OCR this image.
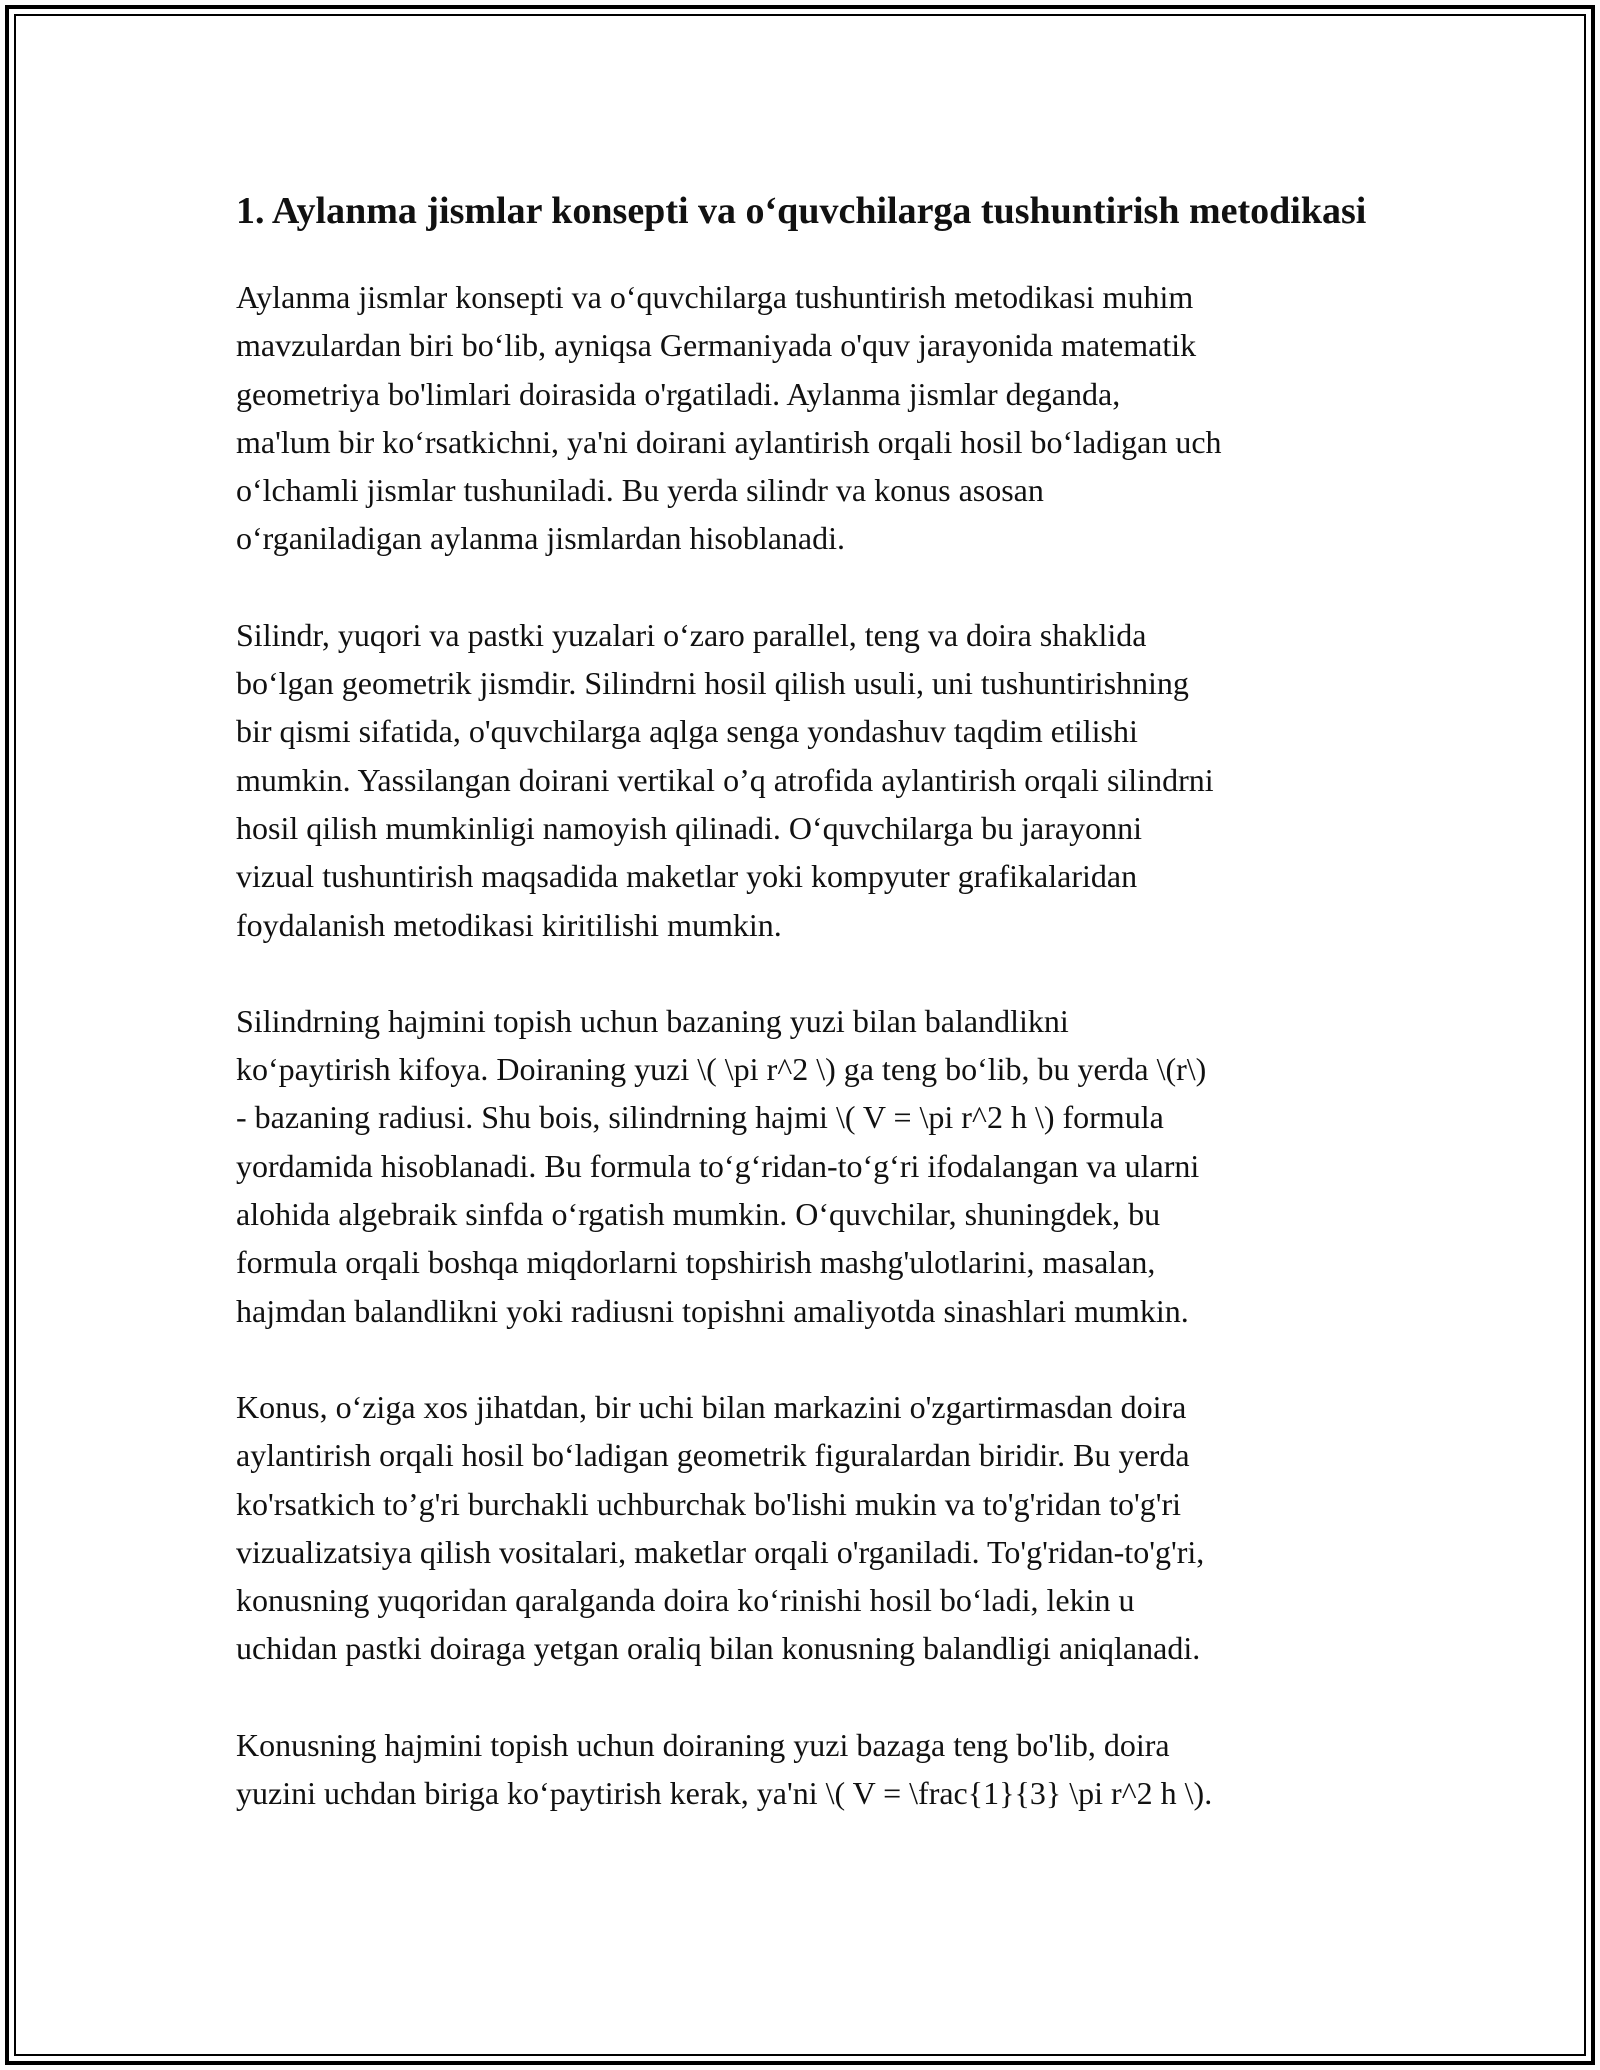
1. Aylanma jismlar konsepti va o‘quvchilarga tushuntirish metodikasi

Aylanma jismlar konsepti va o‘quvchilarga tushuntirish metodikasi muhim
mavzulardan biri bo‘lib, ayniqsa Germaniyada o'quv jarayonida matematik
geometriya bo'limlari doirasida o'rgatiladi. Aylanma jismlar deganda,
ma'lum bir ko‘rsatkichni, ya'ni doirani aylantirish orqali hosil bo‘ladigan uch
o‘lchamli jismlar tushuniladi. Bu yerda silindr va konus asosan
o‘rganiladigan aylanma jismlardan hisoblanadi.

Silindr, yuqori va pastki yuzalari o‘zaro parallel, teng va doira shaklida
bo‘lgan geometrik jismdir. Silindrni hosil qilish usuli, uni tushuntirishning
bir qismi sifatida, o'quvchilarga aqlga senga yondashuv taqdim etilishi
mumkin. Yassilangan doirani vertikal o’q atrofida aylantirish orqali silindrni
hosil qilish mumkinligi namoyish qilinadi. O‘quvchilarga bu jarayonni
vizual tushuntirish maqsadida maketlar yoki kompyuter grafikalaridan
foydalanish metodikasi kiritilishi mumkin.

Silindrning hajmini topish uchun bazaning yuzi bilan balandlikni
ko‘paytirish kifoya. Doiraning yuzi \( \pi r^2 \) ga teng bo‘lib, bu yerda \(r\)
- bazaning radiusi. Shu bois, silindrning hajmi \( V = \pi r^2 h \) formula
yordamida hisoblanadi. Bu formula to‘g‘ridan-to‘g‘ri ifodalangan va ularni
alohida algebraik sinfda o‘rgatish mumkin. O‘quvchilar, shuningdek, bu
formula orqali boshqa miqdorlarni topshirish mashg'ulotlarini, masalan,
hajmdan balandlikni yoki radiusni topishni amaliyotda sinashlari mumkin.

Konus, o‘ziga xos jihatdan, bir uchi bilan markazini o'zgartirmasdan doira
aylantirish orqali hosil bo‘ladigan geometrik figuralardan biridir. Bu yerda
ko'rsatkich to’g'ri burchakli uchburchak bo'lishi mukin va to'g'ridan to'g'ri
vizualizatsiya qilish vositalari, maketlar orqali o'rganiladi. To'g'ridan-to'g'ri,
konusning yuqoridan qaralganda doira ko‘rinishi hosil bo‘ladi, lekin u
uchidan pastki doiraga yetgan oraliq bilan konusning balandligi aniqlanadi.

Konusning hajmini topish uchun doiraning yuzi bazaga teng bo'lib, doira
yuzini uchdan biriga ko‘paytirish kerak, ya'ni \( V = \frac{1}{3} \pi r^2 h \).
